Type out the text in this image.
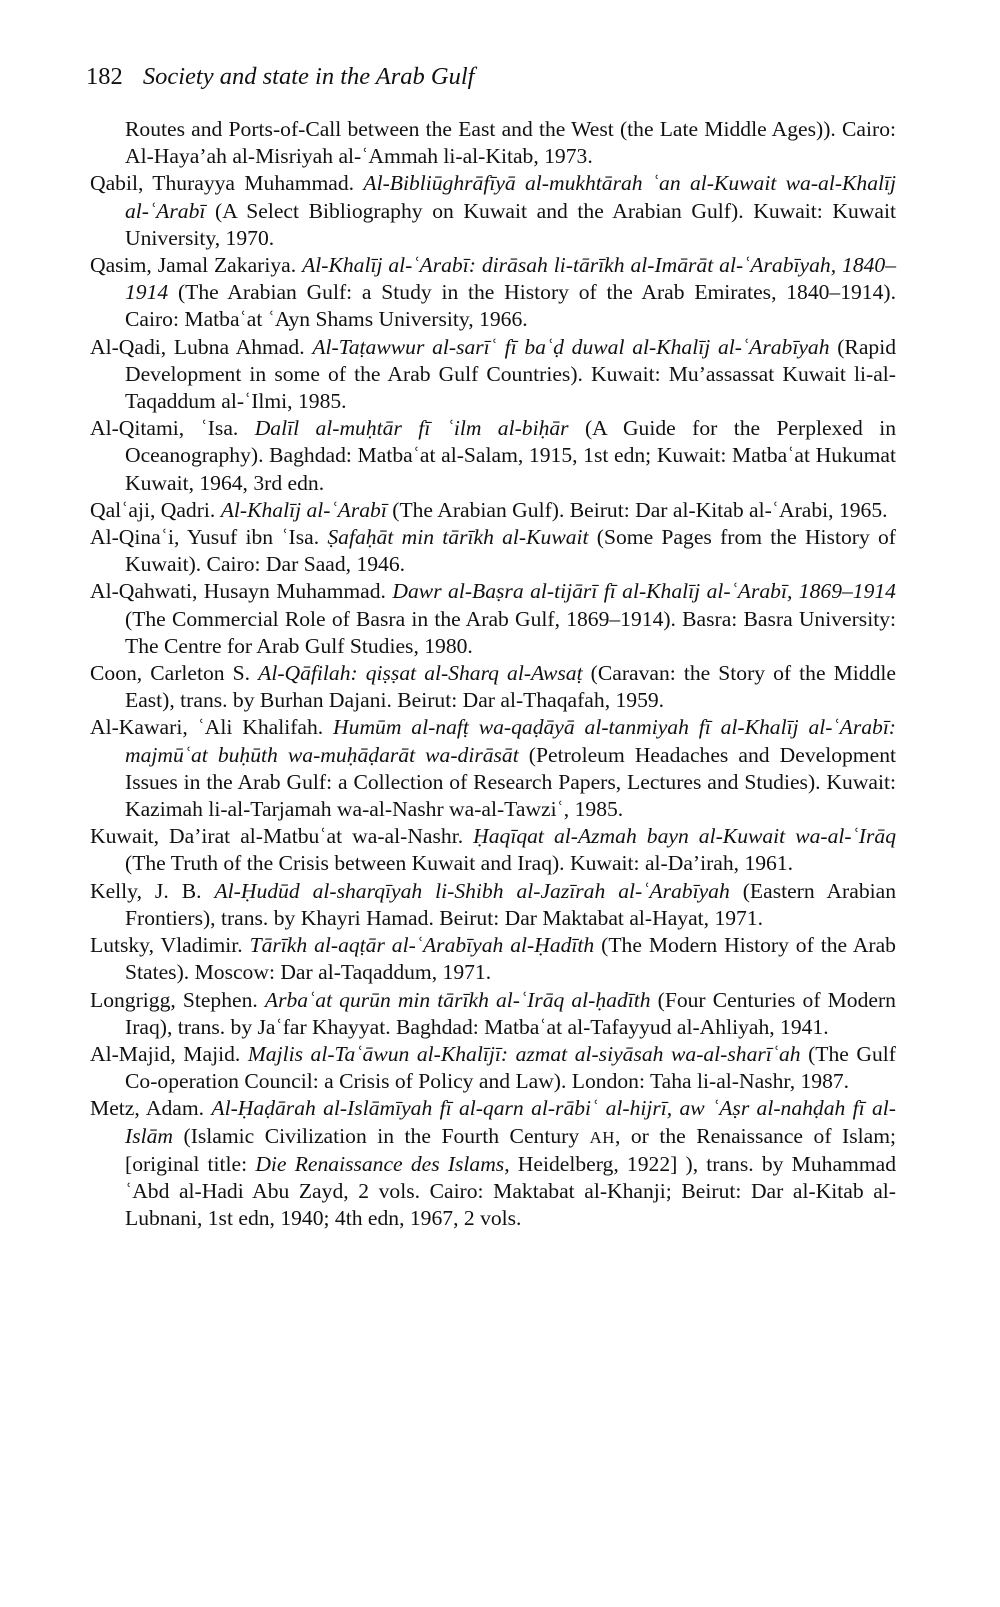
182 Society and state in the Arab Gulf

Routes and Ports-of-Call between the East and the West (the Late Middle Ages)). Cairo: Al-Haya’ah al-Misriyah al-ʿAmmah li-al-Kitab, 1973.

Qabil, Thurayya Muhammad. Al-Bibliūghrāfīyā al-mukhtārah ʿan al-Kuwait wa-al-Khalīj al-ʿArabī (A Select Bibliography on Kuwait and the Arabian Gulf). Kuwait: Kuwait University, 1970.

Qasim, Jamal Zakariya. Al-Khalīj al-ʿArabī: dirāsah li-tārīkh al-Imārāt al-ʿArabīyah, 1840–1914 (The Arabian Gulf: a Study in the History of the Arab Emirates, 1840–1914). Cairo: Matbaʿat ʿAyn Shams University, 1966.

Al-Qadi, Lubna Ahmad. Al-Taṭawwur al-sarīʿ fī baʿḍ duwal al-Khalīj al-ʿArabīyah (Rapid Development in some of the Arab Gulf Countries). Kuwait: Mu’assassat Kuwait li-al-Taqaddum al-ʿIlmi, 1985.

Al-Qitami, ʿIsa. Dalīl al-muḥtār fī ʿilm al-biḥār (A Guide for the Perplexed in Oceanography). Baghdad: Matbaʿat al-Salam, 1915, 1st edn; Kuwait: Matbaʿat Hukumat Kuwait, 1964, 3rd edn.

Qalʿaji, Qadri. Al-Khalīj al-ʿArabī (The Arabian Gulf). Beirut: Dar al-Kitab al-ʿArabi, 1965.

Al-Qinaʿi, Yusuf ibn ʿIsa. Ṣafaḥāt min tārīkh al-Kuwait (Some Pages from the History of Kuwait). Cairo: Dar Saad, 1946.

Al-Qahwati, Husayn Muhammad. Dawr al-Baṣra al-tijārī fī al-Khalīj al-ʿArabī, 1869–1914 (The Commercial Role of Basra in the Arab Gulf, 1869–1914). Basra: Basra University: The Centre for Arab Gulf Studies, 1980.

Coon, Carleton S. Al-Qāfilah: qiṣṣat al-Sharq al-Awsaṭ (Caravan: the Story of the Middle East), trans. by Burhan Dajani. Beirut: Dar al-Thaqafah, 1959.

Al-Kawari, ʿAli Khalifah. Humūm al-nafṭ wa-qaḍāyā al-tanmiyah fī al-Khalīj al-ʿArabī: majmūʿat buḥūth wa-muḥāḍarāt wa-dirāsāt (Petroleum Headaches and Development Issues in the Arab Gulf: a Collection of Research Papers, Lectures and Studies). Kuwait: Kazimah li-al-Tarjamah wa-al-Nashr wa-al-Tawziʿ, 1985.

Kuwait, Da’irat al-Matbuʿat wa-al-Nashr. Ḥaqīqat al-Azmah bayn al-Kuwait wa-al-ʿIrāq (The Truth of the Crisis between Kuwait and Iraq). Kuwait: al-Da’irah, 1961.

Kelly, J. B. Al-Ḥudūd al-sharqīyah li-Shibh al-Jazīrah al-ʿArabīyah (Eastern Arabian Frontiers), trans. by Khayri Hamad. Beirut: Dar Maktabat al-Hayat, 1971.

Lutsky, Vladimir. Tārīkh al-aqṭār al-ʿArabīyah al-Ḥadīth (The Modern History of the Arab States). Moscow: Dar al-Taqaddum, 1971.

Longrigg, Stephen. Arbaʿat qurūn min tārīkh al-ʿIrāq al-ḥadīth (Four Centuries of Modern Iraq), trans. by Jaʿfar Khayyat. Baghdad: Matbaʿat al-Tafayyud al-Ahliyah, 1941.

Al-Majid, Majid. Majlis al-Taʿāwun al-Khalījī: azmat al-siyāsah wa-al-sharīʿah (The Gulf Co-operation Council: a Crisis of Policy and Law). London: Taha li-al-Nashr, 1987.

Metz, Adam. Al-Ḥaḍārah al-Islāmīyah fī al-qarn al-rābiʿ al-hijrī, aw ʿAṣr al-nahḍah fī al-Islām (Islamic Civilization in the Fourth Century AH, or the Renaissance of Islam; [original title: Die Renaissance des Islams, Heidelberg, 1922] ), trans. by Muhammad ʿAbd al-Hadi Abu Zayd, 2 vols. Cairo: Maktabat al-Khanji; Beirut: Dar al-Kitab al-Lubnani, 1st edn, 1940; 4th edn, 1967, 2 vols.
